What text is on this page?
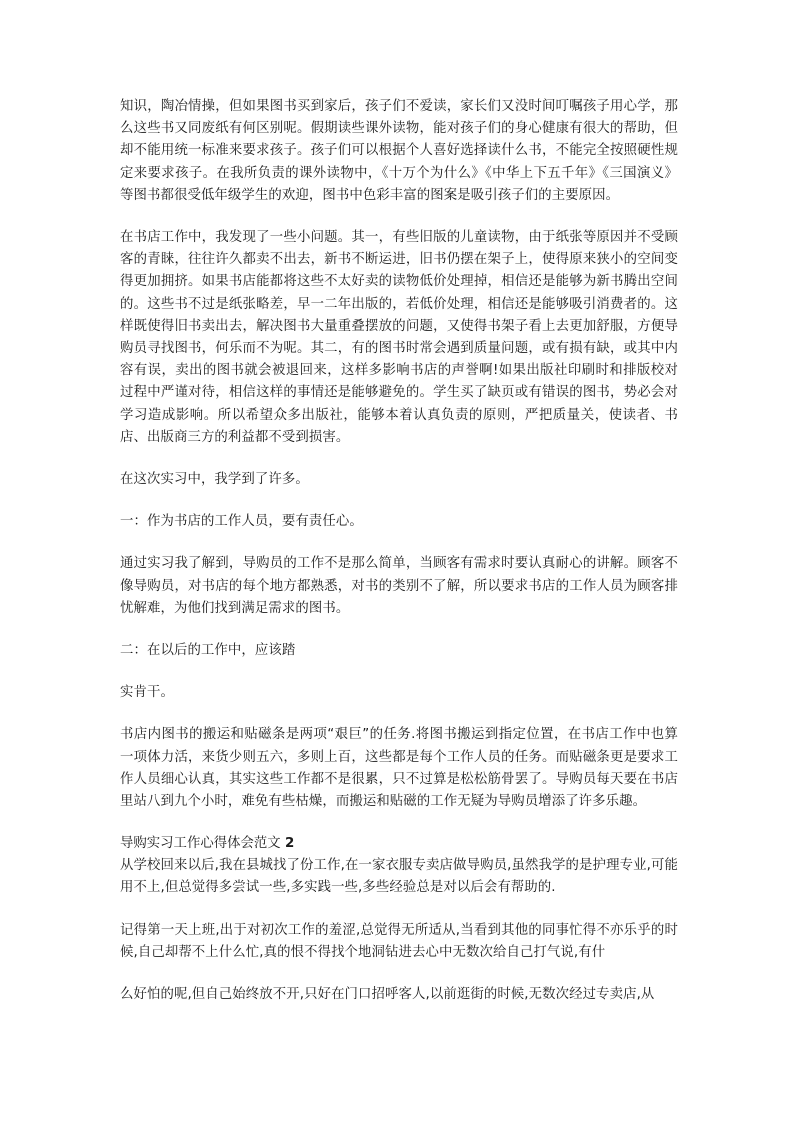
知识，陶冶情操，但如果图书买到家后，孩子们不爱读，家长们又没时间叮嘱孩子用心学，那么这些书又同废纸有何区别呢。假期读些课外读物，能对孩子们的身心健康有很大的帮助，但却不能用统一标准来要求孩子。孩子们可以根据个人喜好选择读什么书，不能完全按照硬性规定来要求孩子。在我所负责的课外读物中，《十万个为什么》《中华上下五千年》《三国演义》等图书都很受低年级学生的欢迎，图书中色彩丰富的图案是吸引孩子们的主要原因。

在书店工作中，我发现了一些小问题。其一，有些旧版的儿童读物，由于纸张等原因并不受顾客的青睐，往往许久都卖不出去，新书不断运进，旧书仍摆在架子上，使得原来狭小的空间变得更加拥挤。如果书店能都将这些不太好卖的读物低价处理掉，相信还是能够为新书腾出空间的。这些书不过是纸张略差，早一二年出版的，若低价处理，相信还是能够吸引消费者的。这样既使得旧书卖出去，解决图书大量重叠摆放的问题，又使得书架子看上去更加舒服，方便导购员寻找图书，何乐而不为呢。其二，有的图书时常会遇到质量问题，或有损有缺，或其中内容有误，卖出的图书就会被退回来，这样多影响书店的声誉啊!如果出版社印刷时和排版校对过程中严谨对待，相信这样的事情还是能够避免的。学生买了缺页或有错误的图书，势必会对学习造成影响。所以希望众多出版社，能够本着认真负责的原则，严把质量关，使读者、书店、出版商三方的利益都不受到损害。

在这次实习中，我学到了许多。

一：作为书店的工作人员，要有责任心。

通过实习我了解到，导购员的工作不是那么简单，当顾客有需求时要认真耐心的讲解。顾客不像导购员，对书店的每个地方都熟悉，对书的类别不了解，所以要求书店的工作人员为顾客排忧解难，为他们找到满足需求的图书。

二：在以后的工作中，应该踏

实肯干。

书店内图书的搬运和贴磁条是两项“艰巨”的任务.将图书搬运到指定位置，在书店工作中也算一项体力活，来货少则五六，多则上百，这些都是每个工作人员的任务。而贴磁条更是要求工作人员细心认真，其实这些工作都不是很累，只不过算是松松筋骨罢了。导购员每天要在书店里站八到九个小时，难免有些枯燥，而搬运和贴磁的工作无疑为导购员增添了许多乐趣。

导购实习工作心得体会范文 2

从学校回来以后,我在县城找了份工作,在一家衣服专卖店做导购员,虽然我学的是护理专业,可能用不上,但总觉得多尝试一些,多实践一些,多些经验总是对以后会有帮助的.

记得第一天上班,出于对初次工作的羞涩,总觉得无所适从,当看到其他的同事忙得不亦乐乎的时候,自己却帮不上什么忙,真的恨不得找个地洞钻进去心中无数次给自己打气说,有什

么好怕的呢,但自己始终放不开,只好在门口招呼客人,以前逛街的时候,无数次经过专卖店,从
